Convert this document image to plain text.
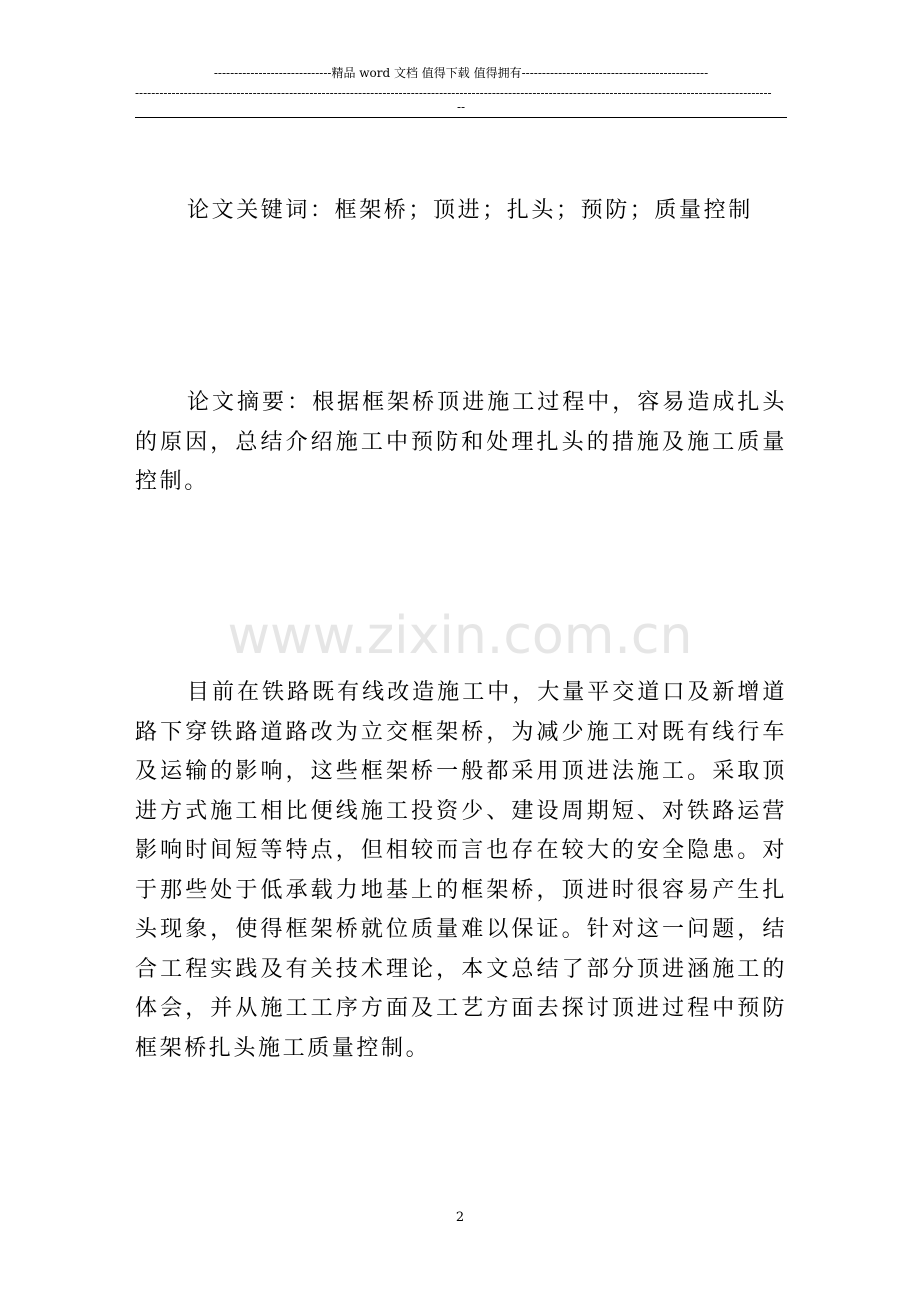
-----------------------------精品 word 文档 值得下载 值得拥有----------------------------------------------
-------------------------------------------------------------------------------------------------------------------------------------------------------------
--
论文关键词：框架桥；顶进；扎头；预防；质量控制
论文摘要：根据框架桥顶进施工过程中，容易造成扎头的原因，总结介绍施工中预防和处理扎头的措施及施工质量控制。
www.zixin.com.cn
目前在铁路既有线改造施工中，大量平交道口及新增道路下穿铁路道路改为立交框架桥，为减少施工对既有线行车及运输的影响，这些框架桥一般都采用顶进法施工。采取顶进方式施工相比便线施工投资少、建设周期短、对铁路运营影响时间短等特点，但相较而言也存在较大的安全隐患。对于那些处于低承载力地基上的框架桥，顶进时很容易产生扎头现象，使得框架桥就位质量难以保证。针对这一问题，结合工程实践及有关技术理论，本文总结了部分顶进涵施工的体会，并从施工工序方面及工艺方面去探讨顶进过程中预防框架桥扎头施工质量控制。
2
